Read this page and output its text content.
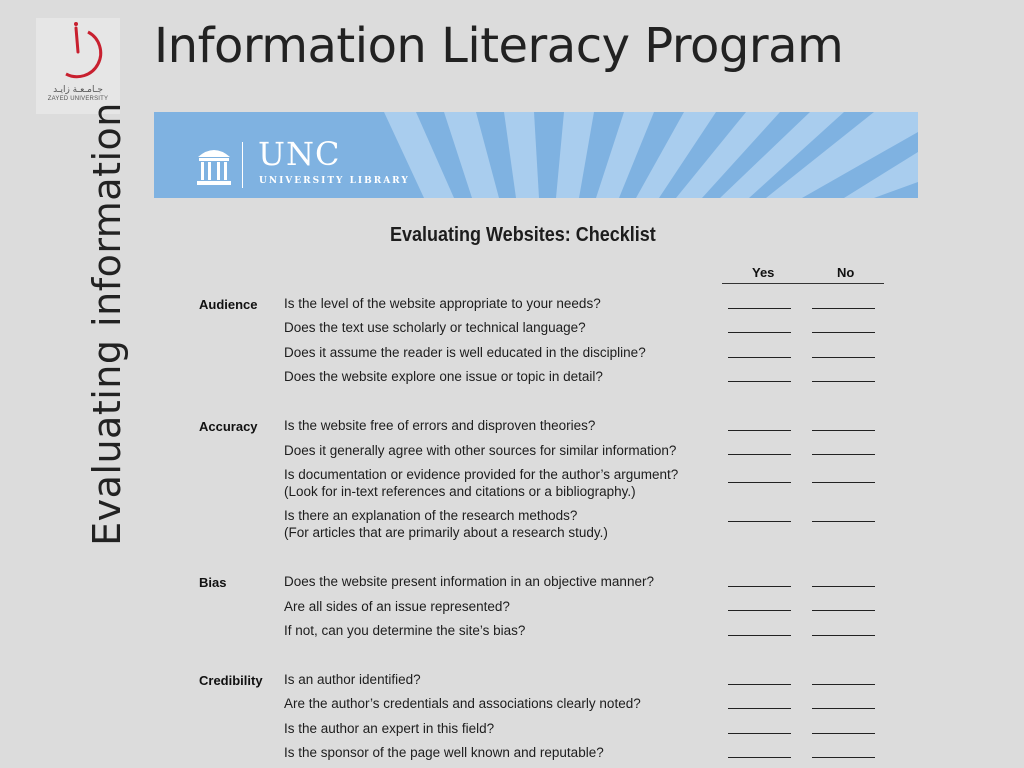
جـامـعـة زايـد
ZAYED UNIVERSITY
Information Literacy Program
Evaluating information	UNC
UNIVERSITY LIBRARY
Evaluating Websites: Checklist
Yes	No
Audience Is the level of the website appropriate to your needs?
Does the text use scholarly or technical language?
Does it assume the reader is well educated in the discipline?
Does the website explore one issue or topic in detail?
Accuracy Is the website free of errors and disproven theories?
Does it generally agree with other sources for similar information?
Is documentation or evidence provided for the author’s argument?
(Look for in-text references and citations or a bibliography.)
Is there an explanation of the research methods?
(For articles that are primarily about a research study.)
Bias	Does the website present information in an objective manner?
Are all sides of an issue represented?
If not, can you determine the site’s bias?
Credibility Is an author identified?
Are the author’s credentials and associations clearly noted?
Is the author an expert in this field?
Is the sponsor of the page well known and reputable?
